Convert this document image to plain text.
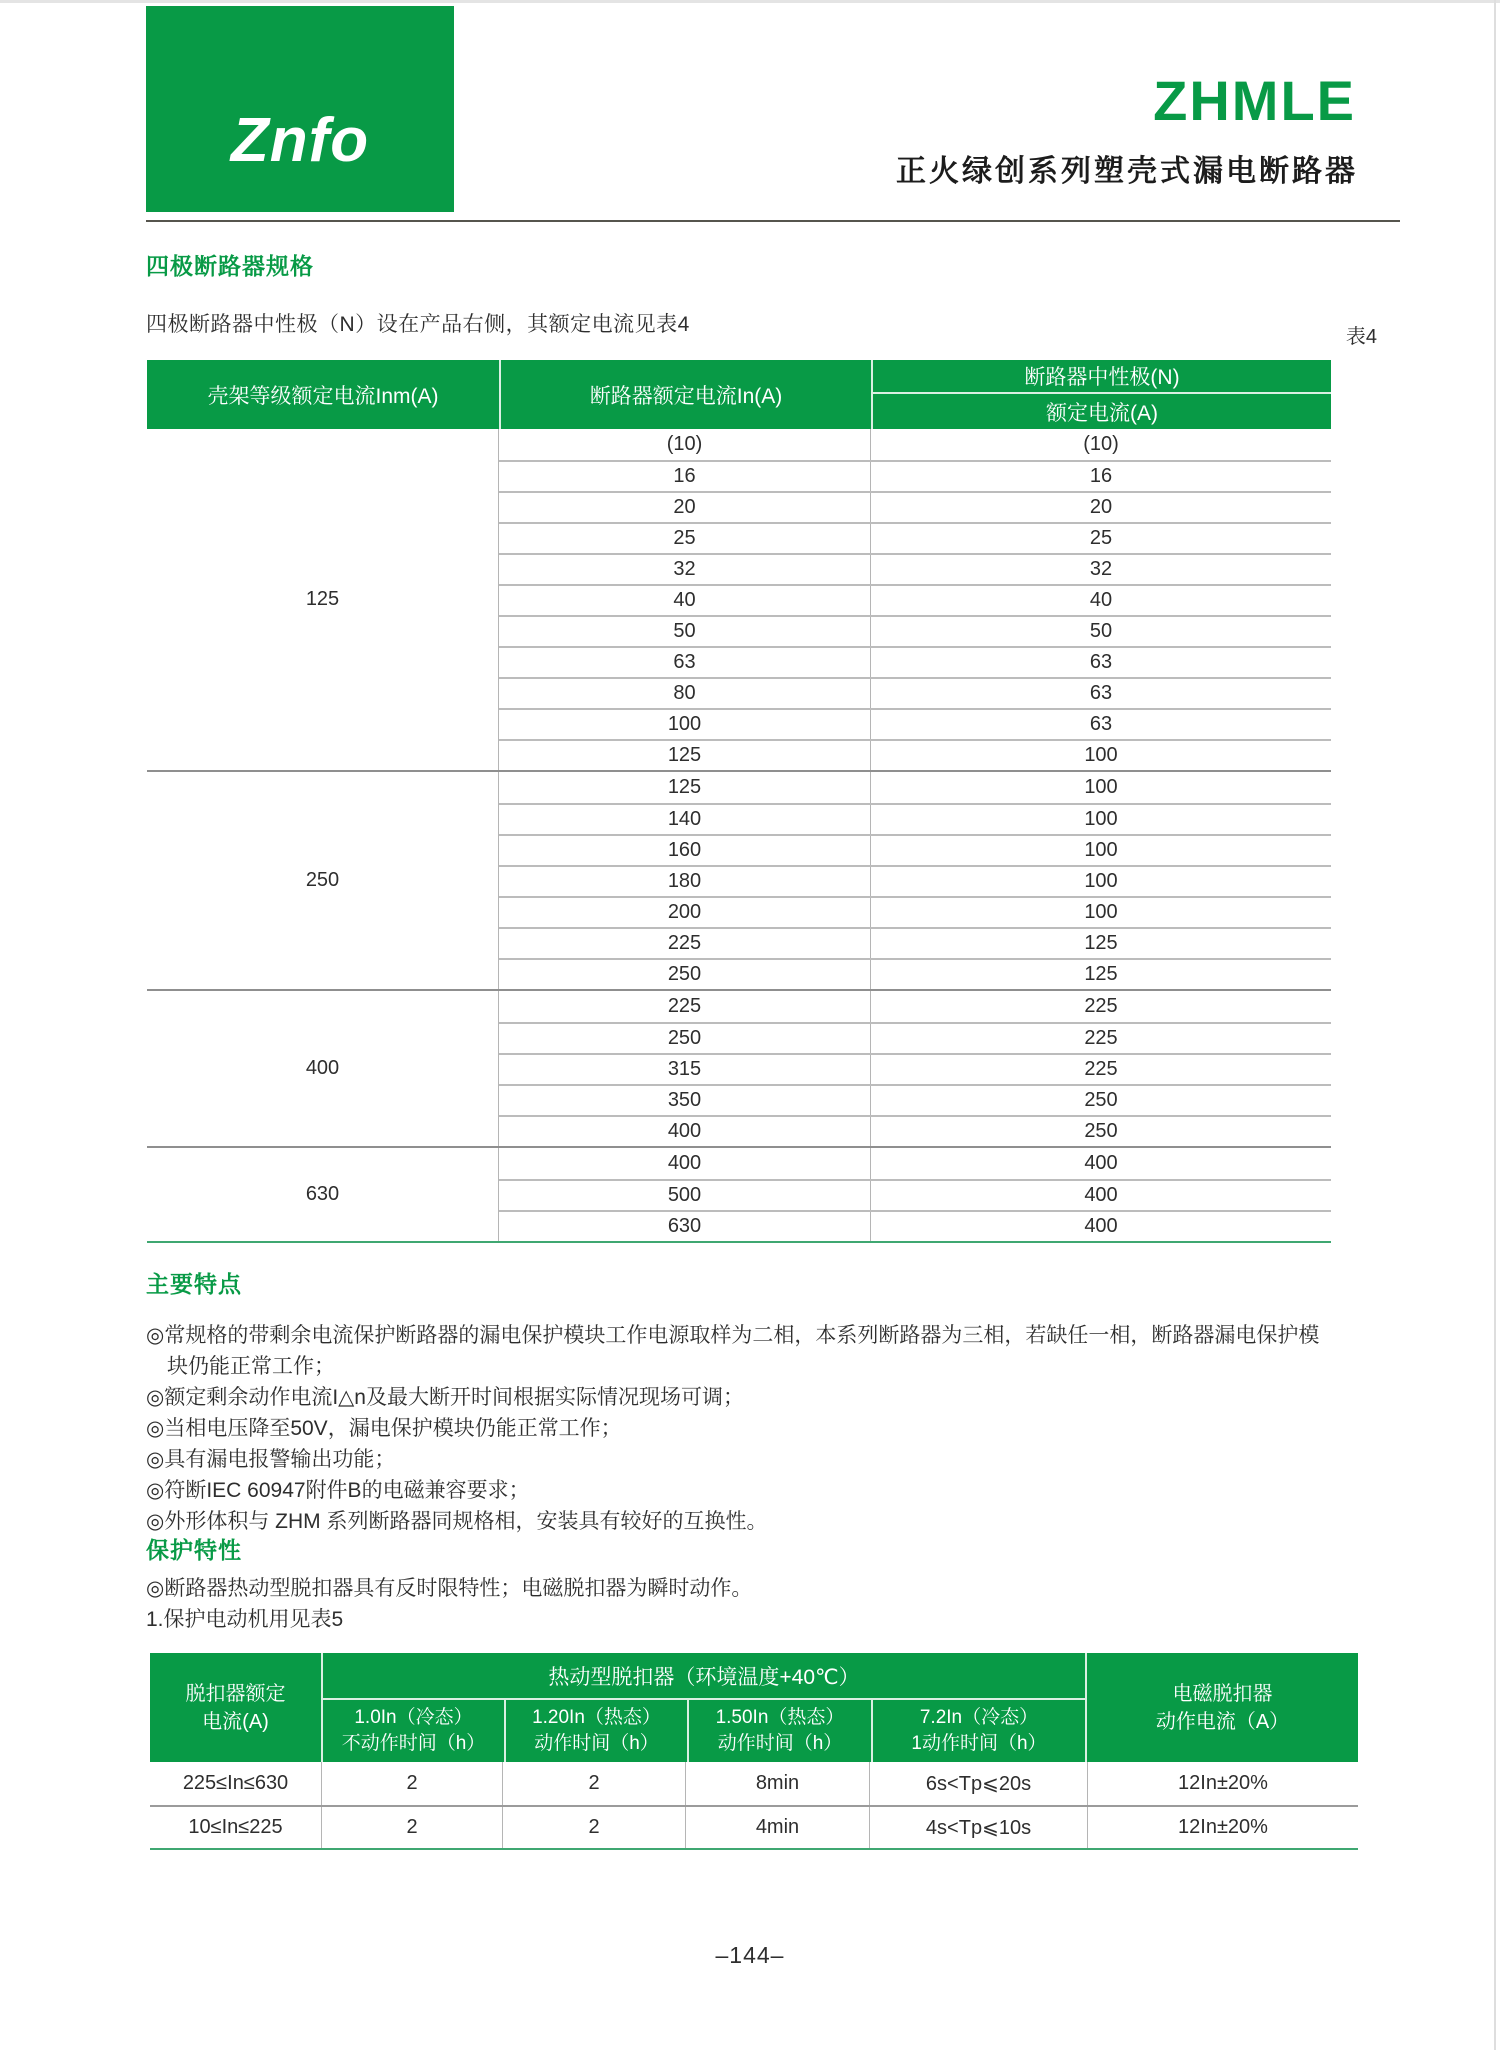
Znfo
ZHMLE
正火绿创系列塑壳式漏电断路器
四极断路器规格

四极断路器中性极（N）设在产品右侧，其额定电流见表4

表4
壳架等级额定电流Inm(A)	断路器额定电流In(A)
断路器中性极(N)
额定电流(A)
125
(10)	(10)
16	16
20	20
25	25
32	32
40	40
50	50
63	63
80	63
100	63
125	100
250
125	100
140	100
160	100
180	100
200	100
225	125
250	125
400
225	225
250	225
315	225
350	250
400	250
630
400	400
500	400
630	400
主要特点
◎常规格的带剩余电流保护断路器的漏电保护模块工作电源取样为二相，本系列断路器为三相，若缺任一相，断路器漏电保护模块仍能正常工作；
◎额定剩余动作电流I△n及最大断开时间根据实际情况现场可调；
◎当相电压降至50V，漏电保护模块仍能正常工作；
◎具有漏电报警输出功能；
◎符断IEC 60947附件B的电磁兼容要求；
◎外形体积与 ZHM 系列断路器同规格相，安装具有较好的互换性。
保护特性
◎断路器热动型脱扣器具有反时限特性；电磁脱扣器为瞬时动作。
1.保护电动机用见表5
脱扣器额定
电流(A)
热动型脱扣器（环境温度+40℃）
1.0In（冷态）
不动作时间（h）
1.20In（热态）
动作时间（h）
1.50In（热态）
动作时间（h）
7.2In（冷态）
1动作时间（h）
电磁脱扣器
动作电流（A）
225≤In≤630	2	2	8min	6s<Tp⩽20s	12In±20%
10≤In≤225	2	2	4min	4s<Tp⩽10s	12In±20%
–144–
